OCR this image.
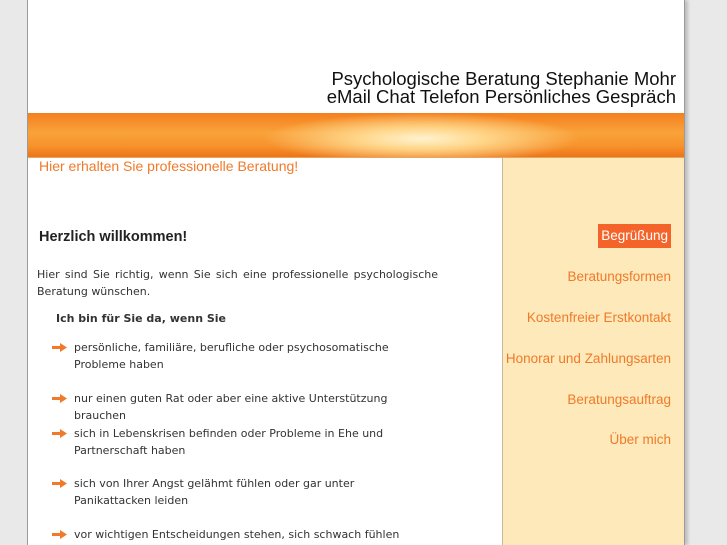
Psychologische Beratung Stephanie Mohr
eMail Chat Telefon Persönliches Gespräch
Hier erhalten Sie professionelle Beratung!
Herzlich willkommen!

Hier sind Sie richtig, wenn Sie sich eine professionelle psychologische Beratung wünschen.

Ich bin für Sie da, wenn Sie
persönliche, familiäre, berufliche oder psychosomatische Probleme haben
nur einen guten Rat oder aber eine aktive Unterstützung brauchen
sich in Lebenskrisen befinden oder Probleme in Ehe und Partnerschaft haben
sich von Ihrer Angst gelähmt fühlen oder gar unter Panikattacken leiden
vor wichtigen Entscheidungen stehen, sich schwach fühlen
Begrüßung
Beratungsformen
Kostenfreier Erstkontakt
Honorar und Zahlungsarten
Beratungsauftrag
Über mich
